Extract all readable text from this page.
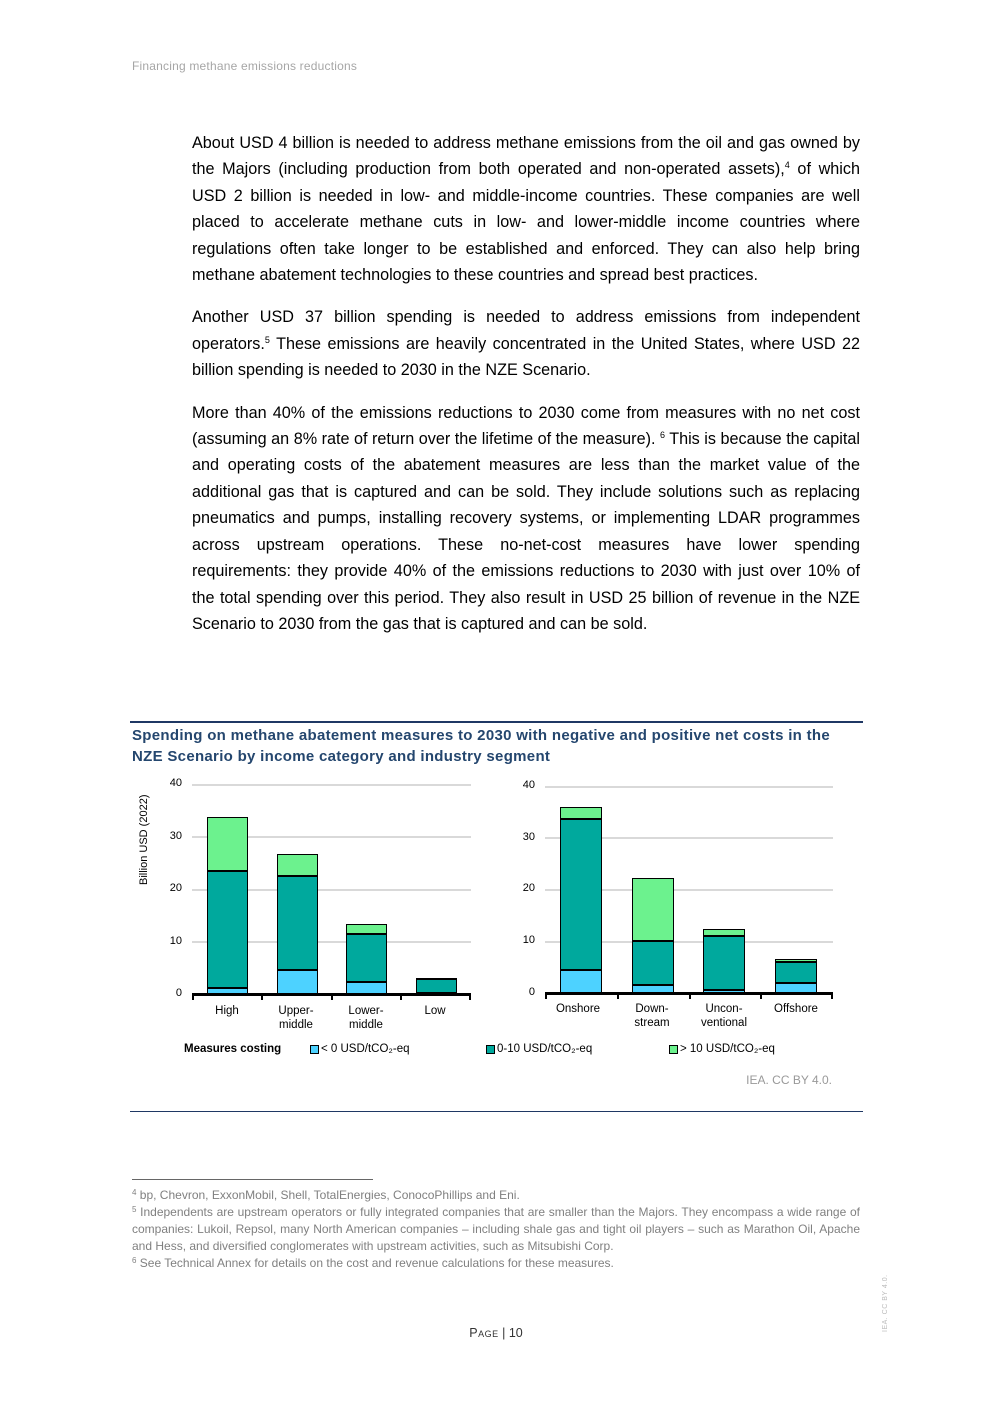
Financing methane emissions reductions

About USD 4 billion is needed to address methane emissions from the oil and gas owned by the Majors (including production from both operated and non-operated assets),$^4$ of which USD 2 billion is needed in low- and middle-income countries. These companies are well placed to accelerate methane cuts in low- and lower-middle income countries where regulations often take longer to be established and enforced. They can also help bring methane abatement technologies to these countries and spread best practices.

Another USD 37 billion spending is needed to address emissions from independent operators.$^5$ These emissions are heavily concentrated in the United States, where USD 22 billion spending is needed to 2030 in the NZE Scenario.

More than 40% of the emissions reductions to 2030 come from measures with no net cost (assuming an 8% rate of return over the lifetime of the measure). $^6$ This is because the capital and operating costs of the abatement measures are less than the market value of the additional gas that is captured and can be sold. They include solutions such as replacing pneumatics and pumps, installing recovery systems, or implementing LDAR programmes across upstream operations. These no-net-cost measures have lower spending requirements: they provide 40% of the emissions reductions to 2030 with just over 10% of the total spending over this period. They also result in USD 25 billion of revenue in the NZE Scenario to 2030 from the gas that is captured and can be sold.

Spending on methane abatement measures to 2030 with negative and positive net costs in the NZE Scenario by income category and industry segment
Billion USD (2022)
40
30
20
10
0
High	Upper-
middle
Lower-
middle
Low

40
30
20
10
0
Onshore	Down-
stream
Uncon-
ventional
Offshore

Measures costing	< 0 USD/tCO₂-eq	0-10 USD/tCO₂-eq	> 10 USD/tCO₂-eq
IEA. CC BY 4.0.
$^4$ bp, Chevron, ExxonMobil, Shell, TotalEnergies, ConocoPhillips and Eni.
$^5$ Independents are upstream operators or fully integrated companies that are smaller than the Majors. They encompass a wide range of companies: Lukoil, Repsol, many North American companies – including shale gas and tight oil players – such as Marathon Oil, Apache and Hess, and diversified conglomerates with upstream activities, such as Mitsubishi Corp.
$^6$ See Technical Annex for details on the cost and revenue calculations for these measures.
Page | 10
IEA. CC BY 4.0.
